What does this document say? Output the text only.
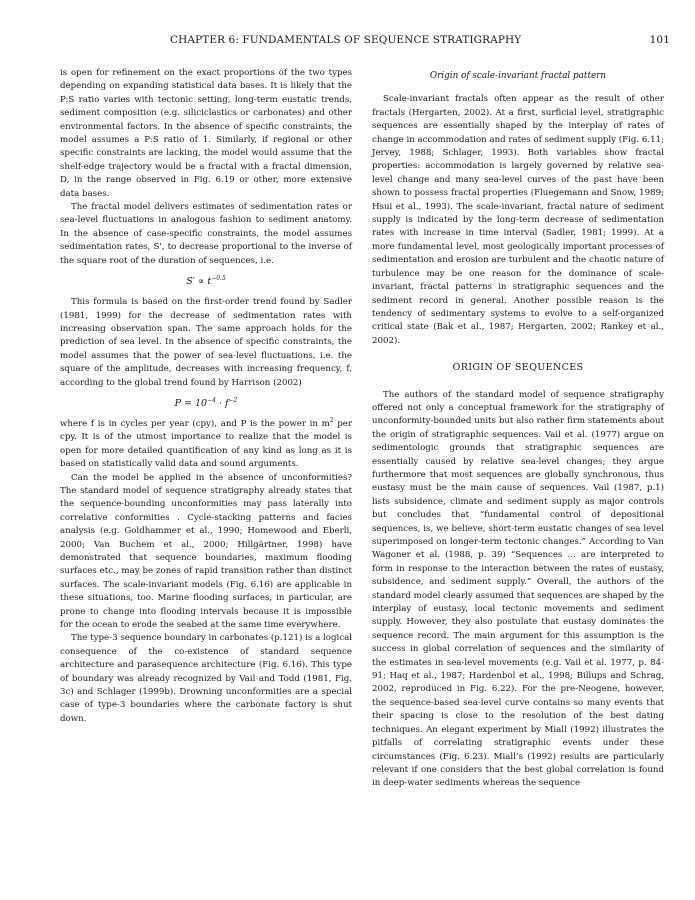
CHAPTER 6: FUNDAMENTALS OF SEQUENCE STRATIGRAPHY	101

is open for refinement on the exact proportions of the two types depending on expanding statistical data bases. It is likely that the P:S ratio varies with tectonic setting, long-term eustatic trends, sediment composition (e.g. siliciclastics or carbonates) and other environmental factors. In the absence of specific constraints, the model assumes a P:S ratio of 1. Similarly, if regional or other specific constraints are lacking, the model would assume that the shelf-edge trajectory would be a fractal with a fractal dimension, D, in the range observed in Fig. 6.19 or other, more extensive data bases.

The fractal model delivers estimates of sedimentation rates or sea-level fluctuations in analogous fashion to sediment anatomy. In the absence of case-specific constraints, the model assumes sedimentation rates, S', to decrease proportional to the inverse of the square root of the duration of sequences, i.e.

$S' \propto t^{-0.5}$

This formula is based on the first-order trend found by Sadler (1981, 1999) for the decrease of sedimentation rates with increasing observation span. The same approach holds for the prediction of sea level. In the absence of specific constraints, the model assumes that the power of sea-level fluctuations, i.e. the square of the amplitude, decreases with increasing frequency, f, according to the global trend found by Harrison (2002)

$P = 10^{-4} \cdot f^{-2}$

where f is in cycles per year (cpy), and P is the power in $m^2$ per cpy. It is of the utmost importance to realize that the model is open for more detailed quantification of any kind as long as it is based on statistically valid data and sound arguments.

Can the model be applied in the absence of unconformities? The standard model of sequence stratigraphy already states that the sequence-bounding unconformities may pass laterally into correlative conformities . Cycle-stacking patterns and facies analysis (e.g. Goldhammer et al., 1990; Homewood and Eberli, 2000; Van Buchem et al., 2000; Hillgärtner, 1998) have demonstrated that sequence boundaries, maximum flooding surfaces etc., may be zones of rapid transition rather than distinct surfaces. The scale-invariant models (Fig. 6.16) are applicable in these situations, too. Marine flooding surfaces, in particular, are prone to change into flooding intervals because it is impossible for the ocean to erode the seabed at the same time everywhere.

The type-3 sequence boundary in carbonates (p.121) is a logical consequence of the co-existence of standard sequence architecture and parasequence architecture (Fig. 6.16). This type of boundary was already recognized by Vail and Todd (1981, Fig. 3c) and Schlager (1999b). Drowning unconformities are a special case of type-3 boundaries where the carbonate factory is shut down.

Origin of scale-invariant fractal pattern

Scale-invariant fractals often appear as the result of other fractals (Hergarten, 2002). At a first, surficial level, stratigraphic sequences are essentially shaped by the interplay of rates of change in accommodation and rates of sediment supply (Fig. 6.11; Jervey, 1988; Schlager, 1993). Both variables show fractal properties: accommodation is largely governed by relative sea-level change and many sea-level curves of the past have been shown to possess fractal properties (Fluegemann and Snow, 1989; Hsui et al., 1993). The scale-invariant, fractal nature of sediment supply is indicated by the long-term decrease of sedimentation rates with increase in time interval (Sadler, 1981; 1999). At a more fundamental level, most geologically important processes of sedimentation and erosion are turbulent and the chaotic nature of turbulence may be one reason for the dominance of scale-invariant, fractal patterns in stratigraphic sequences and the sediment record in general. Another possible reason is the tendency of sedimentary systems to evolve to a self-organized critical state (Bak et al., 1987; Hergarten, 2002; Rankey et al., 2002).

ORIGIN OF SEQUENCES

The authors of the standard model of sequence stratigraphy offered not only a conceptual framework for the stratigraphy of unconformity-bounded units but also rather firm statements about the origin of stratigraphic sequences. Vail et al. (1977) argue on sedimentologic grounds that stratigraphic sequences are essentially caused by relative sea-level changes; they argue furthermore that most sequences are globally synchronous, thus eustasy must be the main cause of sequences. Vail (1987, p.1) lists subsidence, climate and sediment supply as major controls but concludes that “fundamental control of depositional sequences, is, we believe, short-term eustatic changes of sea level superimposed on longer-term tectonic changes.” According to Van Wagoner et al. (1988, p. 39) “Sequences … are interpreted to form in response to the interaction between the rates of eustasy, subsidence, and sediment supply.” Overall, the authors of the standard model clearly assumed that sequences are shaped by the interplay of eustasy, local tectonic movements and sediment supply. However, they also postulate that eustasy dominates the sequence record. The main argument for this assumption is the success in global correlation of sequences and the similarity of the estimates in sea-level movements (e.g. Vail et al. 1977, p. 84-91; Haq et al., 1987; Hardenbol et al., 1998; Billups and Schrag, 2002, reproduced in Fig. 6.22). For the pre-Neogene, however, the sequence-based sea-level curve contains so many events that their spacing is close to the resolution of the best dating techniques. An elegant experiment by Miall (1992) illustrates the pitfalls of correlating stratigraphic events under these circumstances (Fig. 6.23). Miall’s (1992) results are particularly relevant if one considers that the best global correlation is found in deep-water sediments whereas the sequence
